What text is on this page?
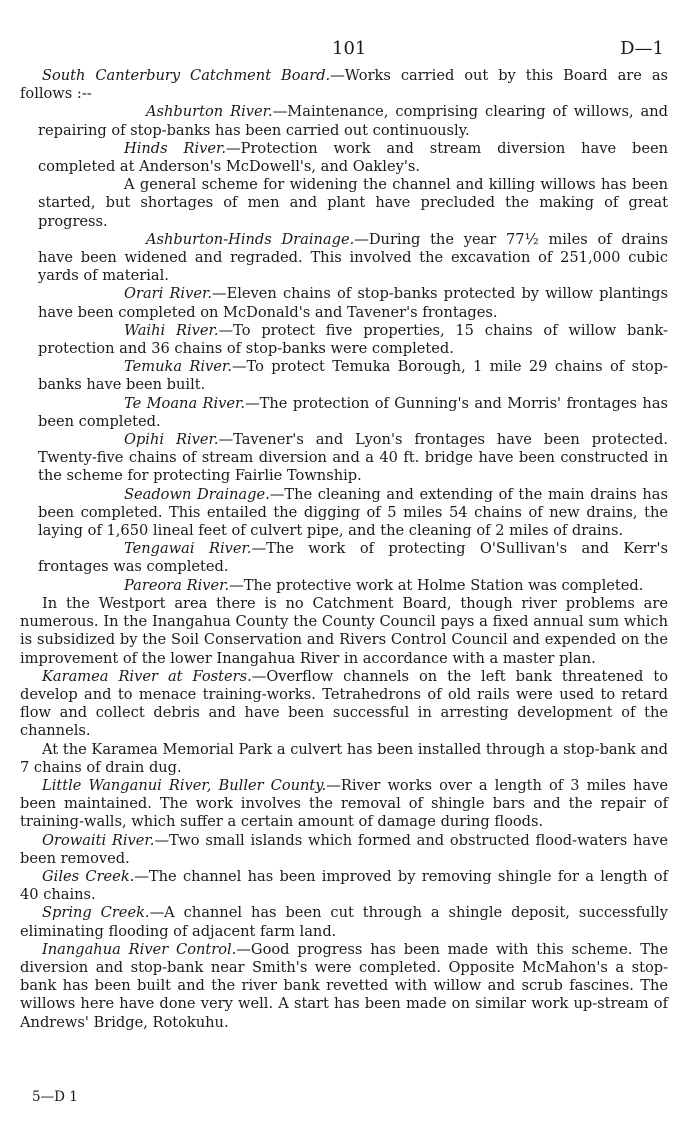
101	D—1

South Canterbury Catchment Board.—Works carried out by this Board are as follows :--

Ashburton River.—Maintenance, comprising clearing of willows, and repairing of stop-banks has been carried out continuously.

Hinds River.—Protection work and stream diversion have been completed at Anderson's McDowell's, and Oakley's.

A general scheme for widening the channel and killing willows has been started, but shortages of men and plant have precluded the making of great progress.

Ashburton-Hinds Drainage.—During the year 77½ miles of drains have been widened and regraded. This involved the excavation of 251,000 cubic yards of material.

Orari River.—Eleven chains of stop-banks protected by willow plantings have been completed on McDonald's and Tavener's frontages.

Waihi River.—To protect five properties, 15 chains of willow bank-protection and 36 chains of stop-banks were completed.

Temuka River.—To protect Temuka Borough, 1 mile 29 chains of stop-banks have been built.

Te Moana River.—The protection of Gunning's and Morris' frontages has been completed.

Opihi River.—Tavener's and Lyon's frontages have been protected. Twenty-five chains of stream diversion and a 40 ft. bridge have been constructed in the scheme for protecting Fairlie Township.

Seadown Drainage.—The cleaning and extending of the main drains has been completed. This entailed the digging of 5 miles 54 chains of new drains, the laying of 1,650 lineal feet of culvert pipe, and the cleaning of 2 miles of drains.

Tengawai River.—The work of protecting O'Sullivan's and Kerr's frontages was completed.

Pareora River.—The protective work at Holme Station was completed.

In the Westport area there is no Catchment Board, though river problems are numerous. In the Inangahua County the County Council pays a fixed annual sum which is subsidized by the Soil Conservation and Rivers Control Council and expended on the improvement of the lower Inangahua River in accordance with a master plan.

Karamea River at Fosters.—Overflow channels on the left bank threatened to develop and to menace training-works. Tetrahedrons of old rails were used to retard flow and collect debris and have been successful in arresting development of the channels.

At the Karamea Memorial Park a culvert has been installed through a stop-bank and 7 chains of drain dug.

Little Wanganui River, Buller County.—River works over a length of 3 miles have been maintained. The work involves the removal of shingle bars and the repair of training-walls, which suffer a certain amount of damage during floods.

Orowaiti River.—Two small islands which formed and obstructed flood-waters have been removed.

Giles Creek.—The channel has been improved by removing shingle for a length of 40 chains.

Spring Creek.—A channel has been cut through a shingle deposit, successfully eliminating flooding of adjacent farm land.

Inangahua River Control.—Good progress has been made with this scheme. The diversion and stop-bank near Smith's were completed. Opposite McMahon's a stop-bank has been built and the river bank revetted with willow and scrub fascines. The willows here have done very well. A start has been made on similar work up-stream of Andrews' Bridge, Rotokuhu.

5—D 1
